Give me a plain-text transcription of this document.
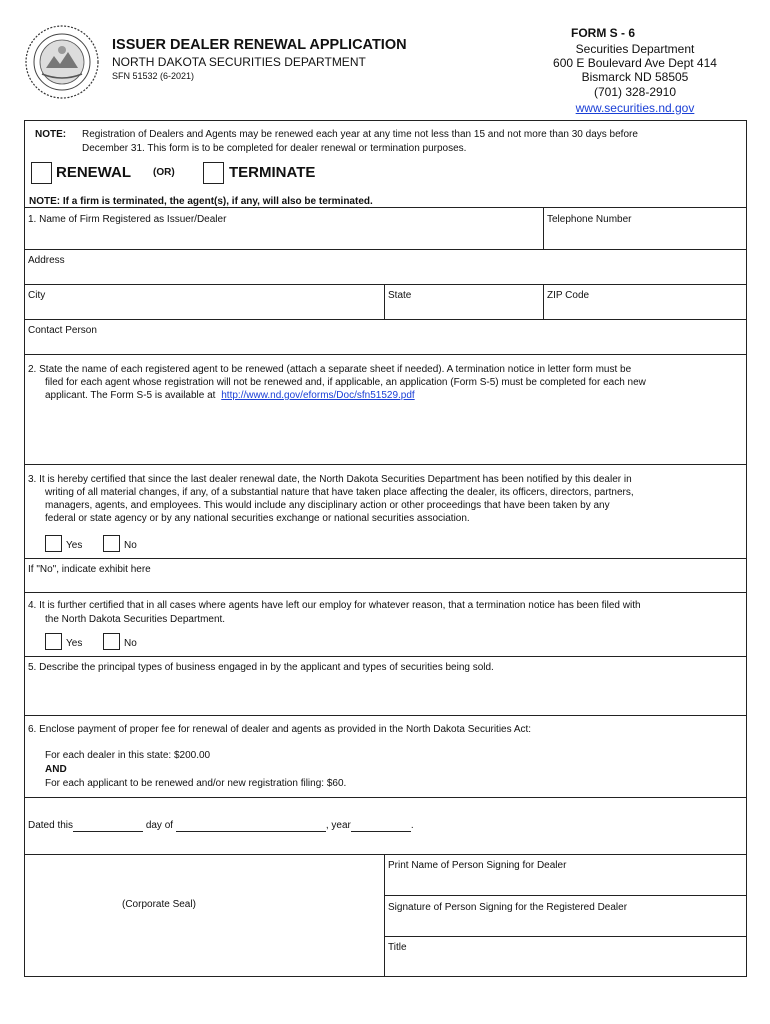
ISSUER DEALER RENEWAL APPLICATION
NORTH DAKOTA SECURITIES DEPARTMENT
SFN 51532 (6-2021)
FORM S - 6
Securities Department
600 E Boulevard Ave Dept 414
Bismarck ND 58505
(701) 328-2910
www.securities.nd.gov
NOTE: Registration of Dealers and Agents may be renewed each year at any time not less than 15 and not more than 30 days before
December 31. This form is to be completed for dealer renewal or termination purposes.
RENEWAL (OR)	TERMINATE
NOTE: If a firm is terminated, the agent(s), if any, will also be terminated.
1. Name of Firm Registered as Issuer/Dealer	Telephone Number
Address
City	State	ZIP Code
Contact Person
2. State the name of each registered agent to be renewed (attach a separate sheet if needed). A termination notice in letter form must be
filed for each agent whose registration will not be renewed and, if applicable, an application (Form S-5) must be completed for each new
applicant. The Form S-5 is available at http://www.nd.gov/eforms/Doc/sfn51529.pdf
3. It is hereby certified that since the last dealer renewal date, the North Dakota Securities Department has been notified by this dealer in
writing of all material changes, if any, of a substantial nature that have taken place affecting the dealer, its officers, directors, partners,
managers, agents, and employees. This would include any disciplinary action or other proceedings that have been taken by any
federal or state agency or by any national securities exchange or national securities association.
Yes	No
If "No", indicate exhibit here
4. It is further certified that in all cases where agents have left our employ for whatever reason, that a termination notice has been filed with
the North Dakota Securities Department.
Yes	No
5. Describe the principal types of business engaged in by the applicant and types of securities being sold.
6. Enclose payment of proper fee for renewal of dealer and agents as provided in the North Dakota Securities Act:
For each dealer in this state: $200.00
AND
For each applicant to be renewed and/or new registration filing: $60.
Dated this	day of	, year	.
(Corporate Seal)
Print Name of Person Signing for Dealer
Signature of Person Signing for the Registered Dealer
Title
